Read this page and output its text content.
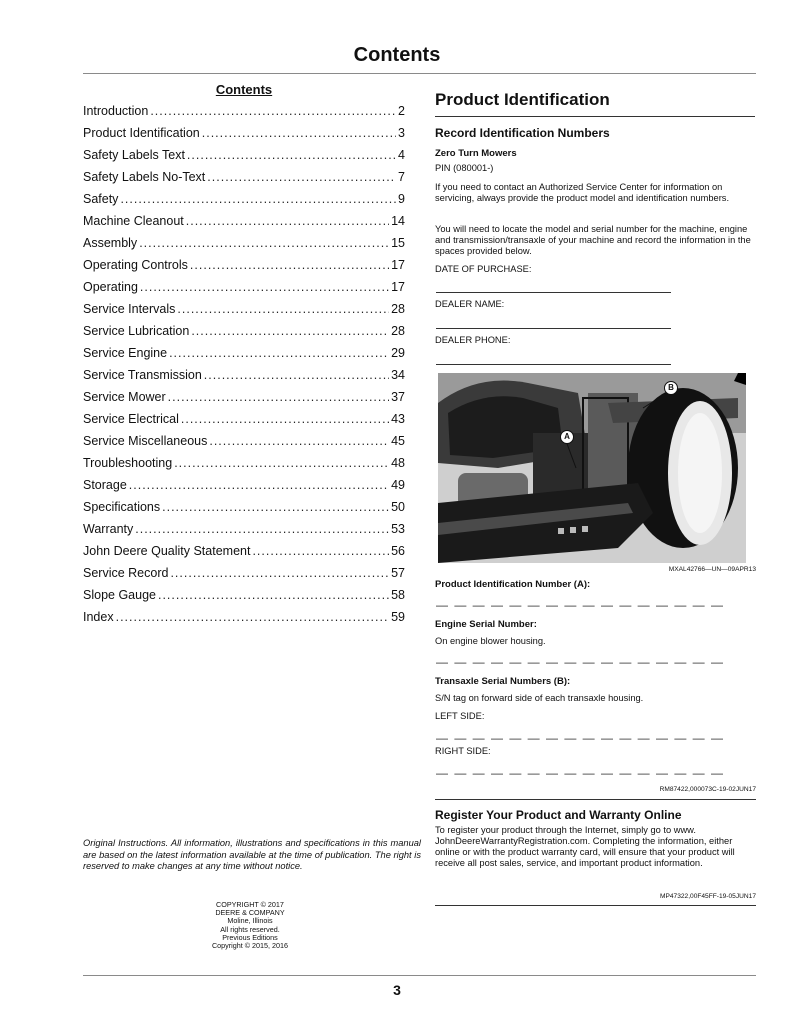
Contents
Contents
Introduction .....	2
Product Identification .....	3
Safety Labels Text .....	4
Safety Labels No-Text .....	7
Safety .....	9
Machine Cleanout .....	14
Assembly .....	15
Operating Controls .....	17
Operating .....	17
Service Intervals .....	28
Service Lubrication .....	28
Service Engine .....	29
Service Transmission .....	34
Service Mower .....	37
Service Electrical .....	43
Service Miscellaneous .....	45
Troubleshooting .....	48
Storage .....	49
Specifications .....	50
Warranty .....	53
John Deere Quality Statement .....	56
Service Record .....	57
Slope Gauge .....	58
Index .....	59
Original Instructions. All information, illustrations and specifications in this manual are based on the latest information available at the time of publication. The right is reserved to make changes at any time without notice.
COPYRIGHT © 2017
DEERE & COMPANY
Moline, Illinois
All rights reserved.
Previous Editions
Copyright © 2015, 2016
Product Identification
Record Identification Numbers
Zero Turn Mowers
PIN (080001-)
If you need to contact an Authorized Service Center for information on servicing, always provide the product model and identification numbers.
You will need to locate the model and serial number for the machine, engine and transmission/transaxle of your machine and record the information in the spaces provided below.
DATE OF PURCHASE:
DEALER NAME:
DEALER PHONE:
A
B
MXAL42766—UN—09APR13
Product Identification Number (A):
— — — — — — — — — — — — — — — —
Engine Serial Number:
On engine blower housing.
— — — — — — — — — — — — — — — —
Transaxle Serial Numbers (B):
S/N tag on forward side of each transaxle housing.
LEFT SIDE:
— — — — — — — — — — — — — — — —
RIGHT SIDE:
— — — — — — — — — — — — — — — —
RM87422,000073C-19-02JUN17
Register Your Product and Warranty Online
To register your product through the Internet, simply go to www. JohnDeereWarrantyRegistration.com. Completing the information, either online or with the product warranty card, will ensure that your product will receive all post sales, service, and important product information.
MP47322,00F45FF-19-05JUN17
3
